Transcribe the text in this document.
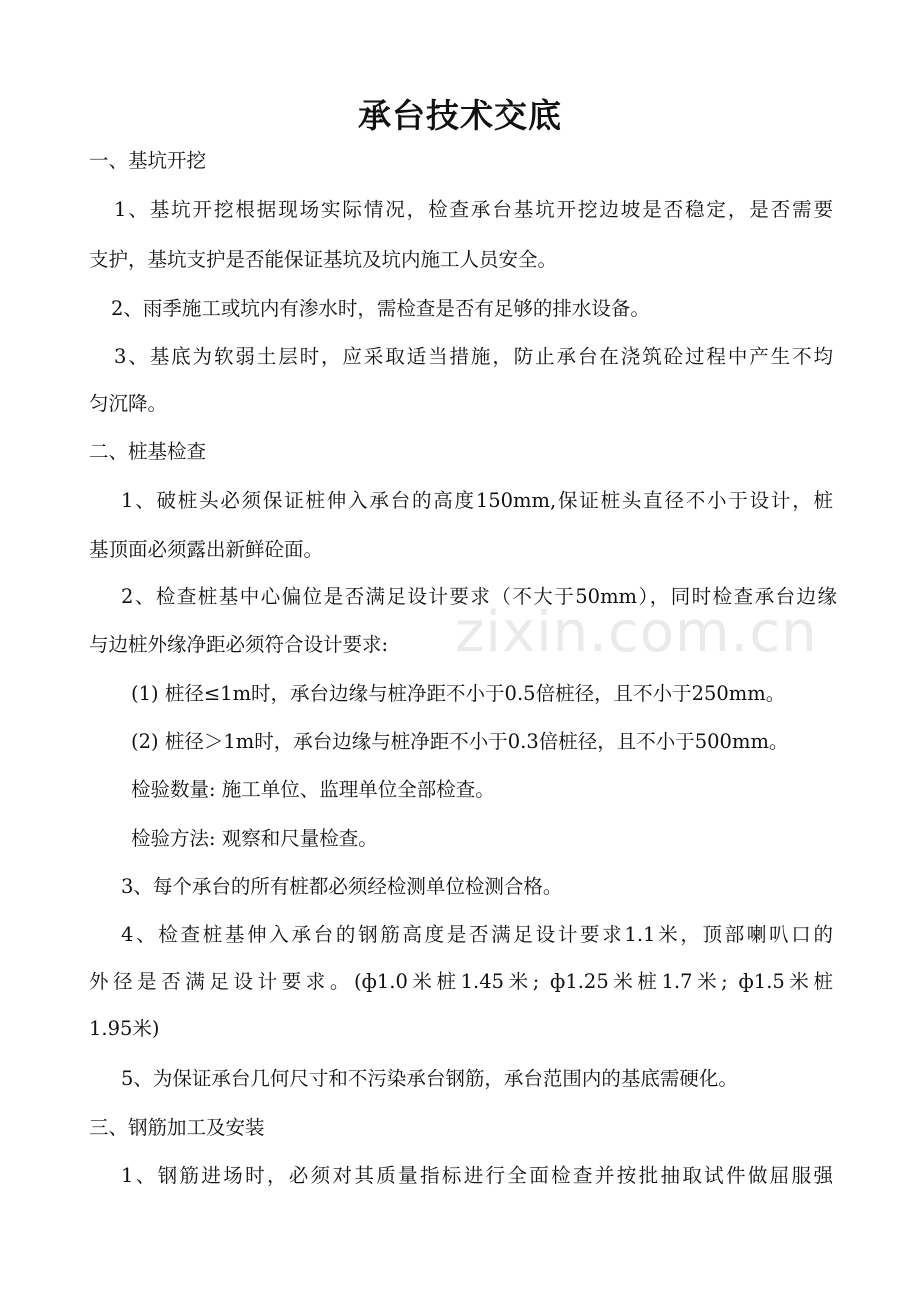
承台技术交底
一、基坑开挖
1、基坑开挖根据现场实际情况，检查承台基坑开挖边坡是否稳定，是否需要
支护，基坑支护是否能保证基坑及坑内施工人员安全。
2、雨季施工或坑内有渗水时，需检查是否有足够的排水设备。
3、基底为软弱土层时，应采取适当措施，防止承台在浇筑砼过程中产生不均
匀沉降。
二、桩基检查
1、破桩头必须保证桩伸入承台的高度150mm,保证桩头直径不小于设计，桩
基顶面必须露出新鲜砼面。
2、检查桩基中心偏位是否满足设计要求（不大于50mm），同时检查承台边缘
与边桩外缘净距必须符合设计要求:
(1) 桩径≤1m时，承台边缘与桩净距不小于0.5倍桩径，且不小于250mm。
(2) 桩径＞1m时，承台边缘与桩净距不小于0.3倍桩径，且不小于500mm。
检验数量: 施工单位、监理单位全部检查。
检验方法: 观察和尺量检查。
3、每个承台的所有桩都必须经检测单位检测合格。
4、检查桩基伸入承台的钢筋高度是否满足设计要求1.1米，顶部喇叭口的
外径是否满足设计要求。(ф1.0米桩1.45米; ф1.25米桩1.7米; ф1.5米桩
1.95米)
5、为保证承台几何尺寸和不污染承台钢筋，承台范围内的基底需硬化。
三、钢筋加工及安装
1、钢筋进场时，必须对其质量指标进行全面检查并按批抽取试件做屈服强
zixin.com.cn
